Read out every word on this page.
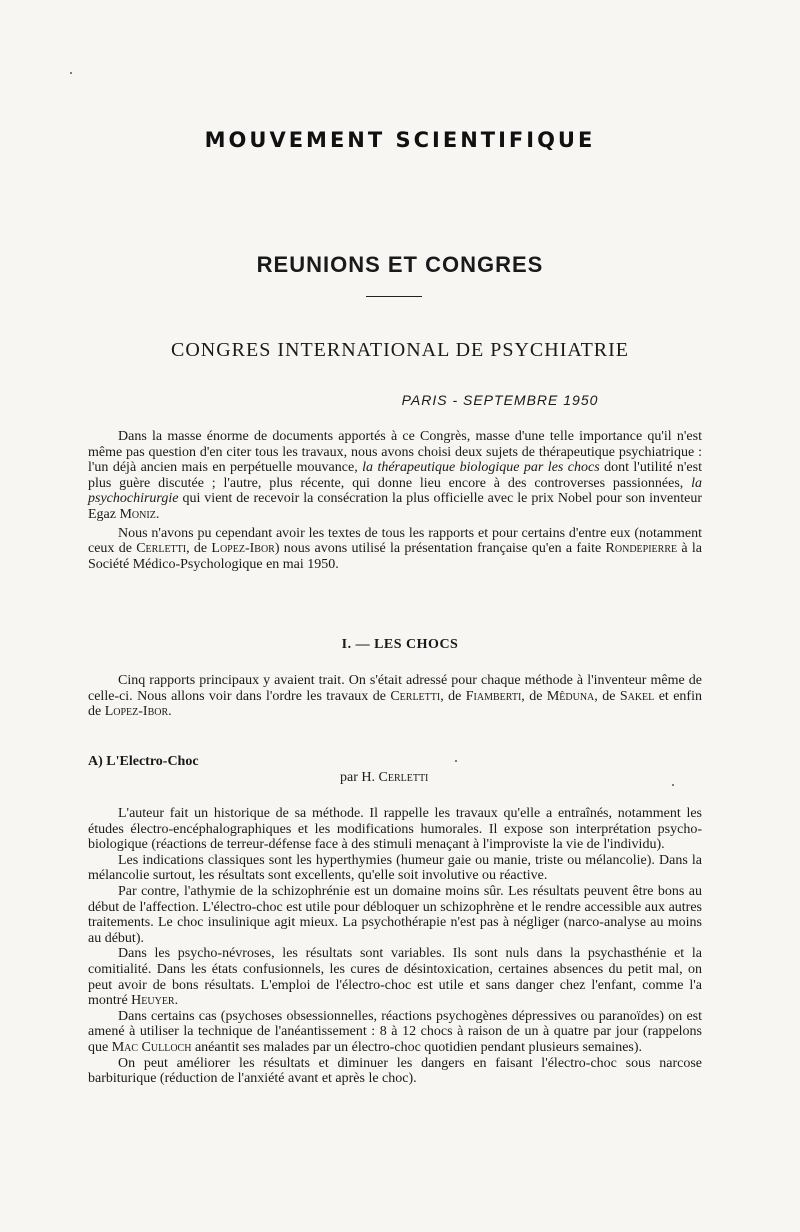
MOUVEMENT SCIENTIFIQUE
REUNIONS ET CONGRES
CONGRES INTERNATIONAL DE PSYCHIATRIE
PARIS - SEPTEMBRE 1950

Dans la masse énorme de documents apportés à ce Congrès, masse d'une telle importance qu'il n'est même pas question d'en citer tous les travaux, nous avons choisi deux sujets de thérapeutique psychiatrique : l'un déjà ancien mais en perpétuelle mouvance, la thérapeutique biologique par les chocs dont l'utilité n'est plus guère discutée ; l'autre, plus récente, qui donne lieu encore à des controverses passionnées, la psychochirurgie qui vient de recevoir la consécration la plus officielle avec le prix Nobel pour son inventeur Egaz Moniz.

Nous n'avons pu cependant avoir les textes de tous les rapports et pour certains d'entre eux (notamment ceux de Cerletti, de Lopez-Ibor) nous avons utilisé la présentation française qu'en a faite Rondepierre à la Société Médico-Psychologique en mai 1950.

I. — LES CHOCS

Cinq rapports principaux y avaient trait. On s'était adressé pour chaque méthode à l'inventeur même de celle-ci. Nous allons voir dans l'ordre les travaux de Cerletti, de Fiamberti, de Mêduna, de Sakel et enfin de Lopez-Ibor.

A) L'Electro-Choc
par H. Cerletti

L'auteur fait un historique de sa méthode. Il rappelle les travaux qu'elle a entraînés, notamment les études électro-encéphalographiques et les modifications humorales. Il expose son interprétation psycho-biologique (réactions de terreur-défense face à des stimuli menaçant à l'improviste la vie de l'individu).

Les indications classiques sont les hyperthymies (humeur gaie ou manie, triste ou mélancolie). Dans la mélancolie surtout, les résultats sont excellents, qu'elle soit involutive ou réactive.

Par contre, l'athymie de la schizophrénie est un domaine moins sûr. Les résultats peuvent être bons au début de l'affection. L'électro-choc est utile pour débloquer un schizophrène et le rendre accessible aux autres traitements. Le choc insulinique agit mieux. La psychothérapie n'est pas à négliger (narco-analyse au moins au début).

Dans les psycho-névroses, les résultats sont variables. Ils sont nuls dans la psychasthénie et la comitialité. Dans les états confusionnels, les cures de désintoxication, certaines absences du petit mal, on peut avoir de bons résultats. L'emploi de l'électro-choc est utile et sans danger chez l'enfant, comme l'a montré Heuyer.

Dans certains cas (psychoses obsessionnelles, réactions psychogènes dépressives ou paranoïdes) on est amené à utiliser la technique de l'anéantissement : 8 à 12 chocs à raison de un à quatre par jour (rappelons que Mac Culloch anéantit ses malades par un électro-choc quotidien pendant plusieurs semaines).

On peut améliorer les résultats et diminuer les dangers en faisant l'électro-choc sous narcose barbiturique (réduction de l'anxiété avant et après le choc).
